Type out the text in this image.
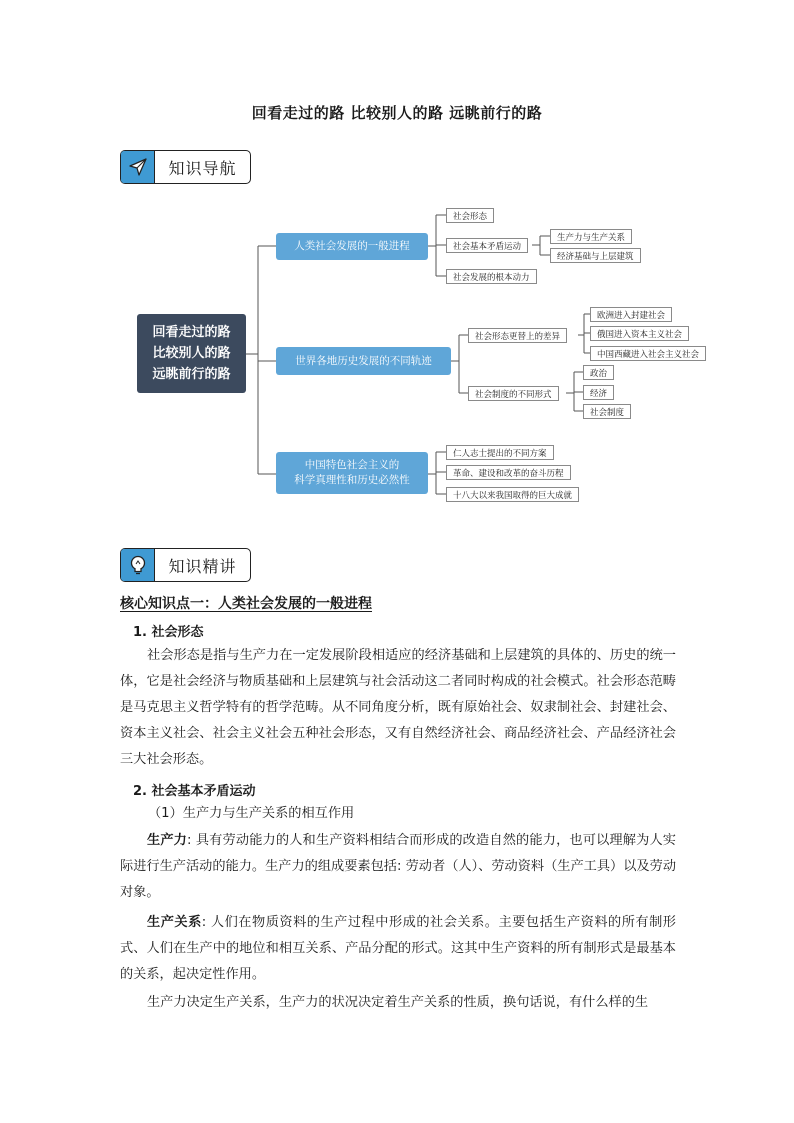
回看走过的路 比较别人的路 远眺前行的路
知识导航
回看走过的路
比较别人的路
远眺前行的路
人类社会发展的一般进程
世界各地历史发展的不同轨迹
中国特色社会主义的
科学真理性和历史必然性
社会形态
社会基本矛盾运动
社会发展的根本动力
生产力与生产关系
经济基础与上层建筑
社会形态更替上的差异
社会制度的不同形式
欧洲进入封建社会
俄国进入资本主义社会
中国西藏进入社会主义社会
政治
经济
社会制度
仁人志士提出的不同方案
革命、建设和改革的奋斗历程
十八大以来我国取得的巨大成就
知识精讲
核心知识点一：人类社会发展的一般进程
1. 社会形态

社会形态是指与生产力在一定发展阶段相适应的经济基础和上层建筑的具体的、历史的统一体，它是社会经济与物质基础和上层建筑与社会活动这二者同时构成的社会模式。社会形态范畴是马克思主义哲学特有的哲学范畴。从不同角度分析，既有原始社会、奴隶制社会、封建社会、资本主义社会、社会主义社会五种社会形态，又有自然经济社会、商品经济社会、产品经济社会三大社会形态。

2. 社会基本矛盾运动
（1）生产力与生产关系的相互作用

生产力: 具有劳动能力的人和生产资料相结合而形成的改造自然的能力，也可以理解为人实际进行生产活动的能力。生产力的组成要素包括: 劳动者（人）、劳动资料（生产工具）以及劳动对象。

生产关系: 人们在物质资料的生产过程中形成的社会关系。主要包括生产资料的所有制形式、人们在生产中的地位和相互关系、产品分配的形式。这其中生产资料的所有制形式是最基本的关系，起决定性作用。

生产力决定生产关系，生产力的状况决定着生产关系的性质，换句话说，有什么样的生
